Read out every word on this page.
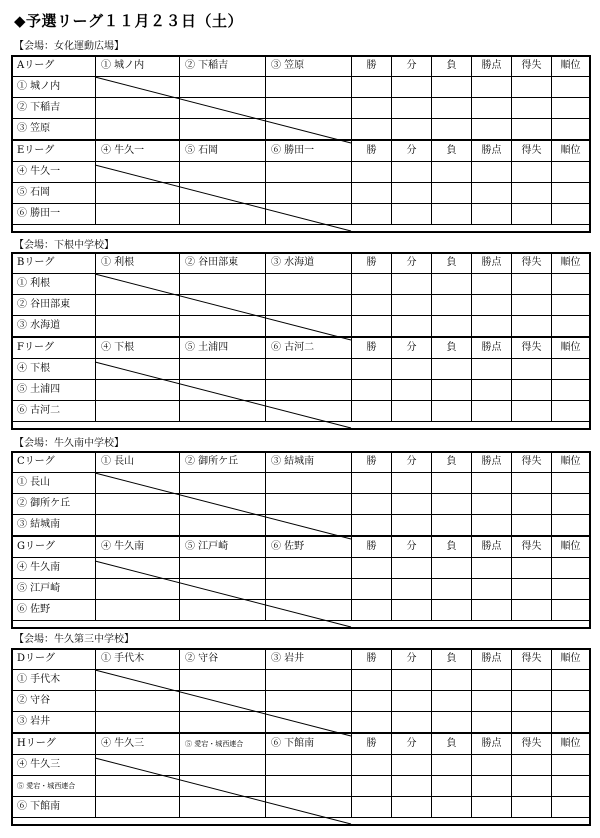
◆予選リーグ１１月２３日（土）
【会場：女化運動広場】
Aリーグ	① 城ノ内	② 下稲吉	③ 笠原	勝	分	負	勝点	得失	順位
① 城ノ内									
② 下稲吉									
③ 笠原									
Eリーグ	④ 牛久一	⑤ 石岡	⑥ 勝田一	勝	分	負	勝点	得失	順位
④ 牛久一									
⑤ 石岡									
⑥ 勝田一									
【会場：下根中学校】
Bリーグ	① 利根	② 谷田部東	③ 水海道	勝	分	負	勝点	得失	順位
① 利根									
② 谷田部東									
③ 水海道									
Fリーグ	④ 下根	⑤ 土浦四	⑥ 古河二	勝	分	負	勝点	得失	順位
④ 下根									
⑤ 土浦四									
⑥ 古河二									
【会場：牛久南中学校】
Cリーグ	① 長山	② 御所ケ丘	③ 結城南	勝	分	負	勝点	得失	順位
① 長山									
② 御所ケ丘									
③ 結城南									
Gリーグ	④ 牛久南	⑤ 江戸崎	⑥ 佐野	勝	分	負	勝点	得失	順位
④ 牛久南									
⑤ 江戸崎									
⑥ 佐野									
【会場：牛久第三中学校】
Dリーグ	① 手代木	② 守谷	③ 岩井	勝	分	負	勝点	得失	順位
① 手代木									
② 守谷									
③ 岩井									
Hリーグ	④ 牛久三	⑤ 愛宕・城西連合	⑥ 下館南	勝	分	負	勝点	得失	順位
④ 牛久三									
⑤ 愛宕・城西連合									
⑥ 下館南									
